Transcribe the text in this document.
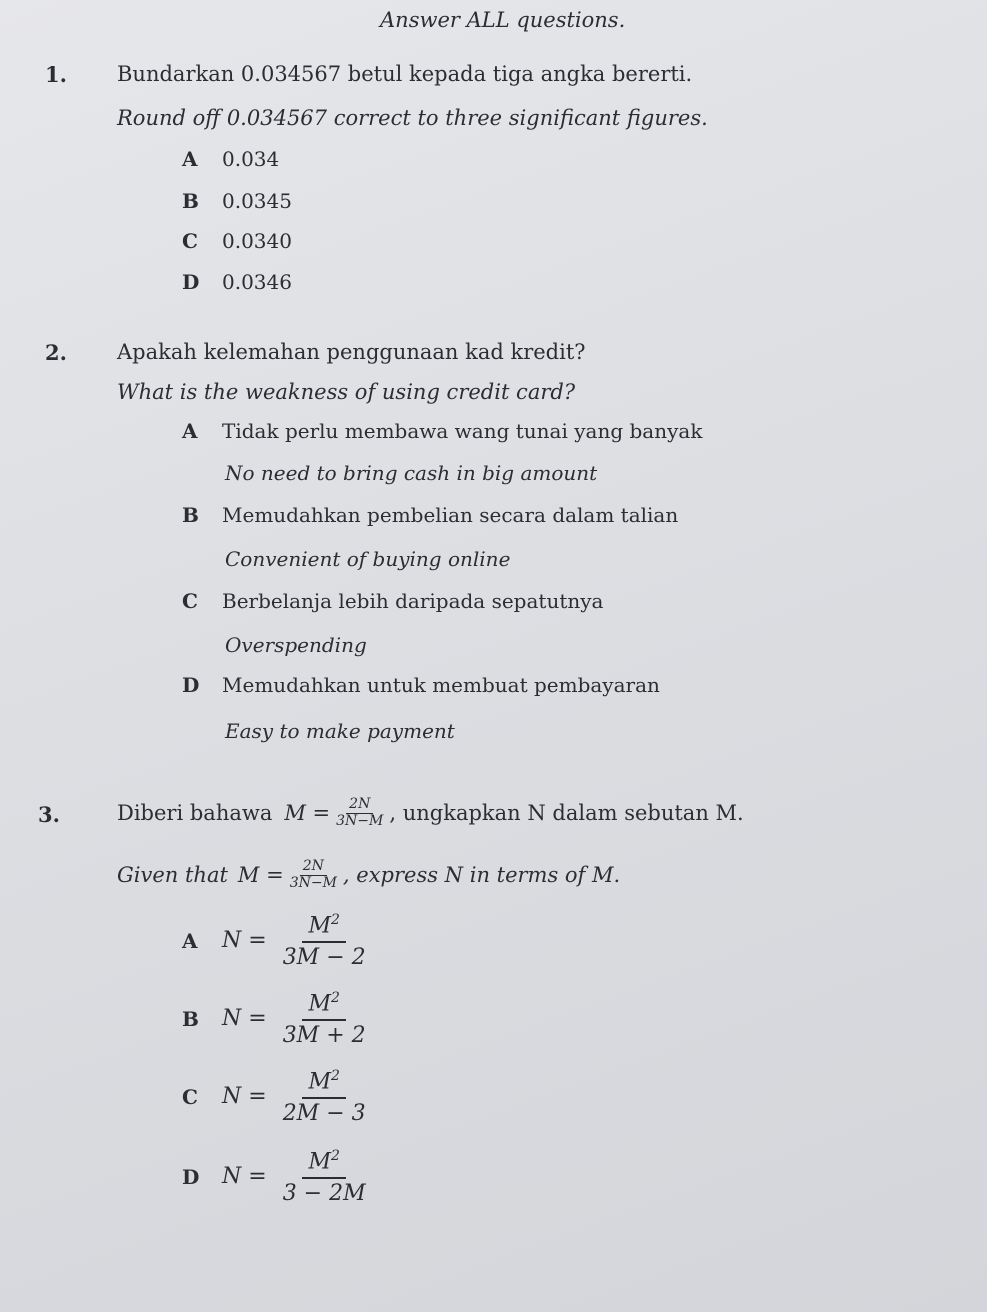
Answer ALL questions.
1. Bundarkan 0.034567 betul kepada tiga angka bererti.
Round off 0.034567 correct to three significant figures.
A 0.034
B 0.0345
C 0.0340
D 0.0346
2. Apakah kelemahan penggunaan kad kredit?
What is the weakness of using credit card?
A Tidak perlu membawa wang tunai yang banyak
No need to bring cash in big amount
B Memudahkan pembelian secara dalam talian
Convenient of buying online
C Berbelanja lebih daripada sepatutnya
Overspending
D Memudahkan untuk membuat pembayaran
Easy to make payment
3.	Diberi bahawa $M = \frac{2N}{3N-M}$ , ungkapkan N dalam sebutan M.
Given that $M = \frac{2N}{3N-M}$ , express N in terms of M.
A	$N = \frac{M^2}{3M - 2}$
B	$N = \frac{M^2}{3M + 2}$
C	$N = \frac{M^2}{2M - 3}$
D	$N = \frac{M^2}{3 - 2M}$
